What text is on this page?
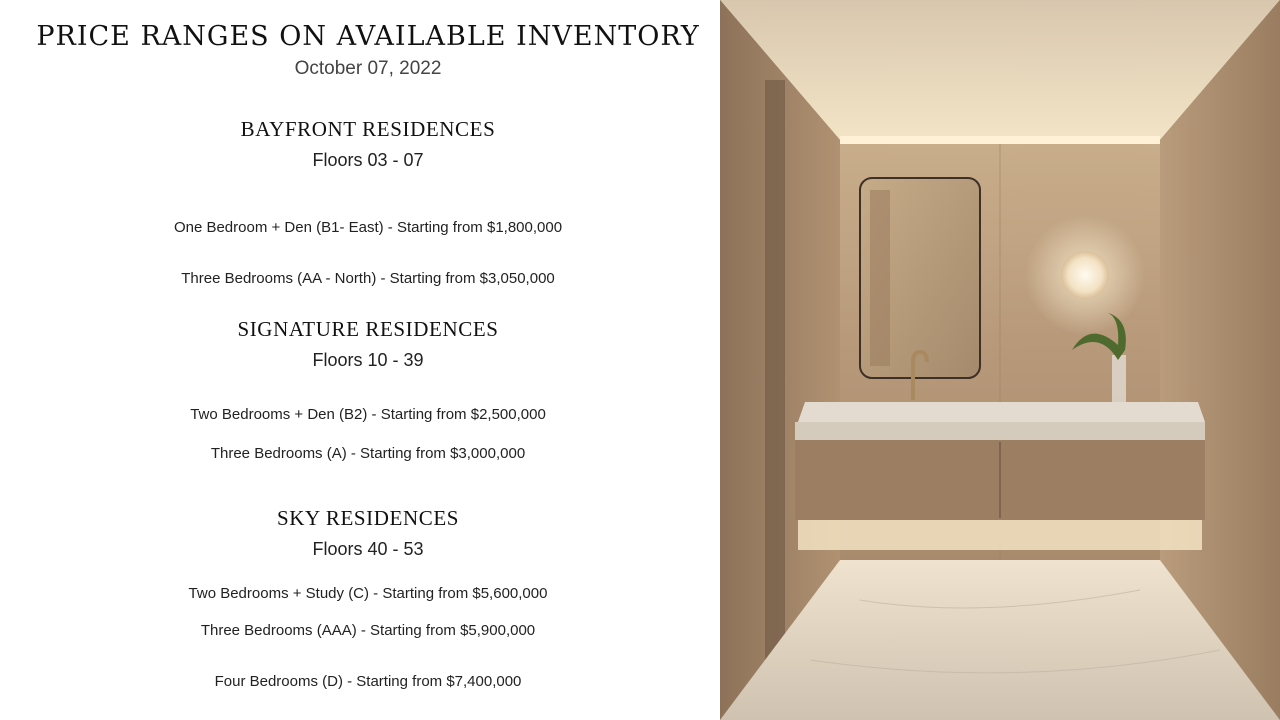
PRICE RANGES ON AVAILABLE INVENTORY
October 07, 2022
BAYFRONT RESIDENCES
Floors 03 - 07
One Bedroom + Den (B1- East) - Starting from $1,800,000
Three Bedrooms (AA - North) - Starting from $3,050,000
SIGNATURE RESIDENCES
Floors 10 - 39
Two Bedrooms + Den (B2) - Starting from $2,500,000
Three Bedrooms (A) - Starting from $3,000,000
SKY RESIDENCES
Floors 40 - 53
Two Bedrooms + Study (C) - Starting from $5,600,000
Three Bedrooms (AAA) - Starting from $5,900,000
Four Bedrooms (D) - Starting from $7,400,000
